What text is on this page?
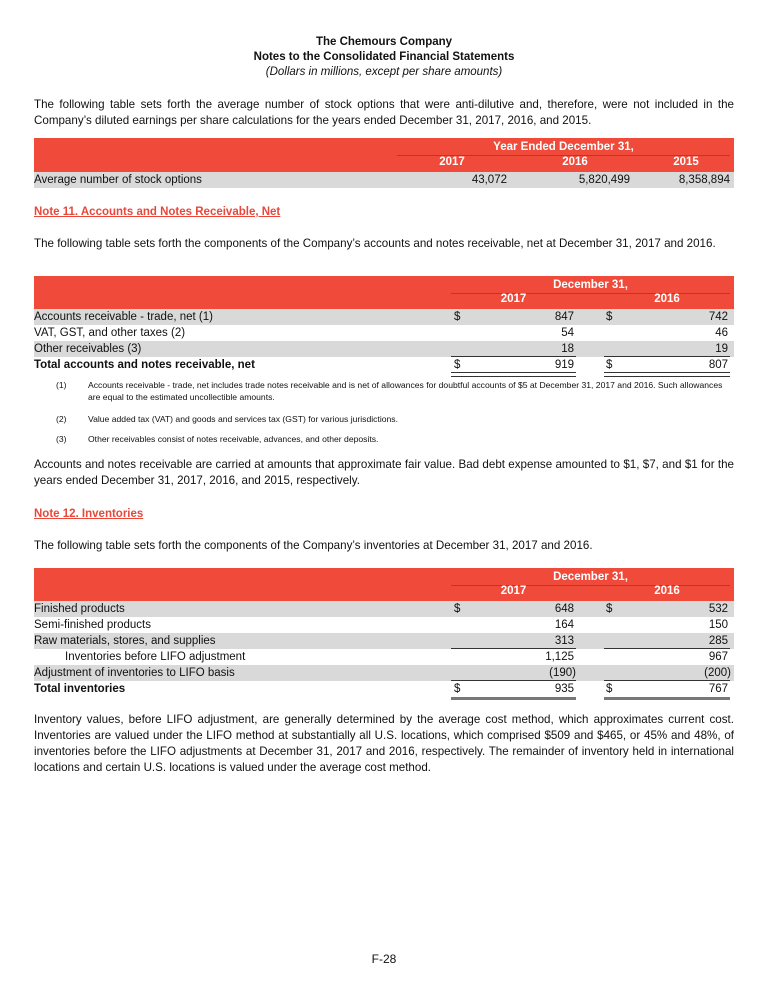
The Chemours Company
Notes to the Consolidated Financial Statements
(Dollars in millions, except per share amounts)
The following table sets forth the average number of stock options that were anti-dilutive and, therefore, were not included in the Company’s diluted earnings per share calculations for the years ended December 31, 2017, 2016, and 2015.
Year Ended December 31,
2017	2016	2015
Average number of stock options	43,072	5,820,499	8,358,894
Note 11. Accounts and Notes Receivable, Net
The following table sets forth the components of the Company’s accounts and notes receivable, net at December 31, 2017 and 2016.
December 31,
2017	2016
Accounts receivable - trade, net (1)	$	847	$	742
VAT, GST, and other taxes (2)	54	46
Other receivables (3)	18	19
Total accounts and notes receivable, net	$	919	$	807
(1) Accounts receivable - trade, net includes trade notes receivable and is net of allowances for doubtful accounts of $5 at December 31, 2017 and 2016. Such allowances are equal to the estimated uncollectible amounts.
(2) Value added tax (VAT) and goods and services tax (GST) for various jurisdictions.
(3) Other receivables consist of notes receivable, advances, and other deposits.
Accounts and notes receivable are carried at amounts that approximate fair value. Bad debt expense amounted to $1, $7, and $1 for the years ended December 31, 2017, 2016, and 2015, respectively.
Note 12. Inventories
The following table sets forth the components of the Company’s inventories at December 31, 2017 and 2016.
December 31,
2017	2016
Finished products	$	648	$	532
Semi-finished products	164	150
Raw materials, stores, and supplies	313	285
Inventories before LIFO adjustment	1,125	967
Adjustment of inventories to LIFO basis	(190)	(200)
Total inventories	$	935	$	767
Inventory values, before LIFO adjustment, are generally determined by the average cost method, which approximates current cost. Inventories are valued under the LIFO method at substantially all U.S. locations, which comprised $509 and $465, or 45% and 48%, of inventories before the LIFO adjustments at December 31, 2017 and 2016, respectively. The remainder of inventory held in international locations and certain U.S. locations is valued under the average cost method.
F-28
